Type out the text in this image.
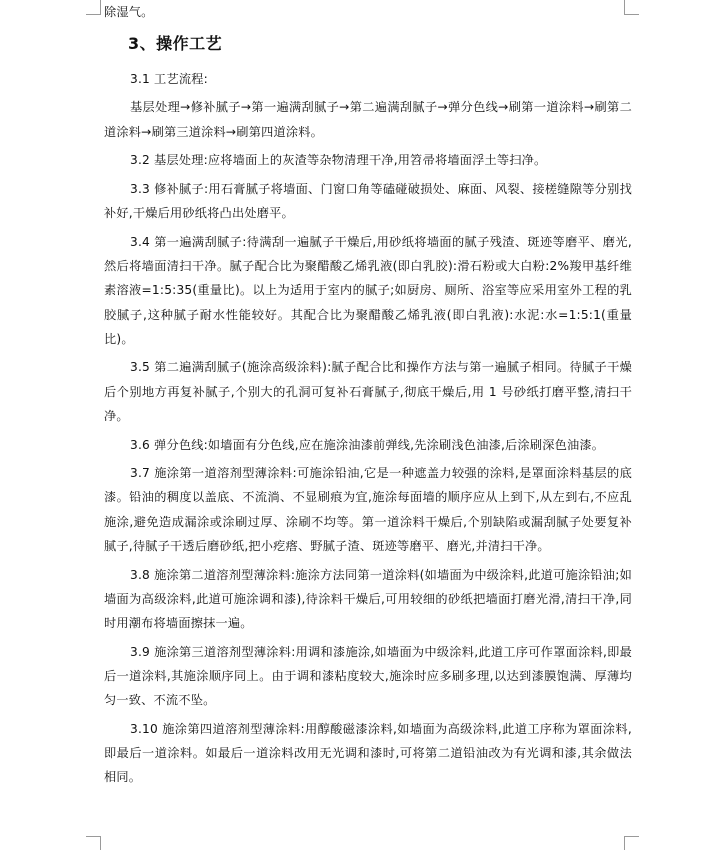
除湿气。

3、操作工艺

3.1 工艺流程:

基层处理→修补腻子→第一遍满刮腻子→第二遍满刮腻子→弹分色线→刷第一道涂料→刷第二道涂料→刷第三道涂料→刷第四道涂料。

3.2 基层处理:应将墙面上的灰渣等杂物清理干净,用笤帚将墙面浮土等扫净。

3.3 修补腻子:用石膏腻子将墙面、门窗口角等磕碰破损处、麻面、风裂、接槎缝隙等分别找补好,干燥后用砂纸将凸出处磨平。

3.4 第一遍满刮腻子:待满刮一遍腻子干燥后,用砂纸将墙面的腻子残渣、斑迹等磨平、磨光,然后将墙面清扫干净。腻子配合比为聚醋酸乙烯乳液(即白乳胶):滑石粉或大白粉:2%羧甲基纤维素溶液=1:5:35(重量比)。以上为适用于室内的腻子;如厨房、厕所、浴室等应采用室外工程的乳胶腻子,这种腻子耐水性能较好。其配合比为聚醋酸乙烯乳液(即白乳液):水泥:水=1:5:1(重量比)。

3.5 第二遍满刮腻子(施涂高级涂料):腻子配合比和操作方法与第一遍腻子相同。待腻子干燥后个别地方再复补腻子,个别大的孔洞可复补石膏腻子,彻底干燥后,用 1 号砂纸打磨平整,清扫干净。

3.6 弹分色线:如墙面有分色线,应在施涂油漆前弹线,先涂刷浅色油漆,后涂刷深色油漆。

3.7 施涂第一道溶剂型薄涂料:可施涂铅油,它是一种遮盖力较强的涂料,是罩面涂料基层的底漆。铅油的稠度以盖底、不流淌、不显刷痕为宜,施涂每面墙的顺序应从上到下,从左到右,不应乱施涂,避免造成漏涂或涂刷过厚、涂刷不均等。第一道涂料干燥后,个别缺陷或漏刮腻子处要复补腻子,待腻子干透后磨砂纸,把小疙瘩、野腻子渣、斑迹等磨平、磨光,并清扫干净。

3.8 施涂第二道溶剂型薄涂料:施涂方法同第一道涂料(如墙面为中级涂料,此道可施涂铅油;如墙面为高级涂料,此道可施涂调和漆),待涂料干燥后,可用较细的砂纸把墙面打磨光滑,清扫干净,同时用潮布将墙面擦抹一遍。

3.9 施涂第三道溶剂型薄涂料:用调和漆施涂,如墙面为中级涂料,此道工序可作罩面涂料,即最后一道涂料,其施涂顺序同上。由于调和漆粘度较大,施涂时应多刷多理,以达到漆膜饱满、厚薄均匀一致、不流不坠。

3.10 施涂第四道溶剂型薄涂料:用醇酸磁漆涂料,如墙面为高级涂料,此道工序称为罩面涂料,即最后一道涂料。如最后一道涂料改用无光调和漆时,可将第二道铅油改为有光调和漆,其余做法相同。
